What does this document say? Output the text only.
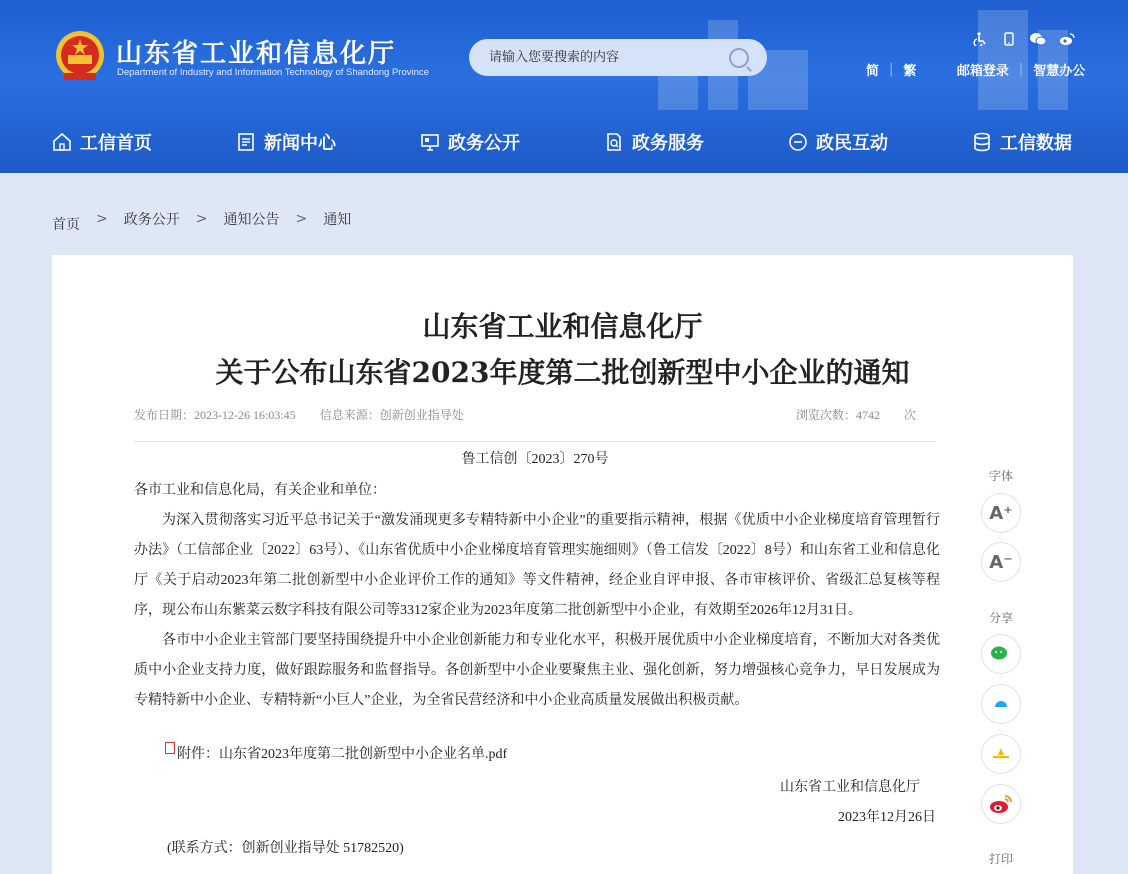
山东省工业和信息化厅
Department of Industry and Information Technology of Shandong Province
请输入您要搜索的内容	简 | 繁	邮箱登录 | 智慧办公
工信首页	新闻中心	政务公开	政务服务	政民互动	工信数据
首页 > 政务公开 > 通知公告 > 通知
山东省工业和信息化厅
关于公布山东省2023年度第二批创新型中小企业的通知
发布日期：2023-12-26 16:03:45 信息来源：创新创业指导处	浏览次数：4742 次
鲁工信创〔2023〕270号

各市工业和信息化局，有关企业和单位：

为深入贯彻落实习近平总书记关于“激发涌现更多专精特新中小企业”的重要指示精神，根据《优质中小企业梯度培育管理暂行办法》（工信部企业〔2022〕63号）、《山东省优质中小企业梯度培育管理实施细则》（鲁工信发〔2022〕8号）和山东省工业和信息化厅《关于启动2023年第二批创新型中小企业评价工作的通知》等文件精神，经企业自评申报、各市审核评价、省级汇总复核等程序，现公布山东紫菜云数字科技有限公司等3312家企业为2023年度第二批创新型中小企业，有效期至2026年12月31日。

各市中小企业主管部门要坚持围绕提升中小企业创新能力和专业化水平，积极开展优质中小企业梯度培育，不断加大对各类优质中小企业支持力度，做好跟踪服务和监督指导。各创新型中小企业要聚焦主业、强化创新，努力增强核心竞争力，早日发展成为专精特新中小企业、专精特新“小巨人”企业，为全省民营经济和中小企业高质量发展做出积极贡献。

附件：山东省2023年度第二批创新型中小企业名单.pdf
山东省工业和信息化厅
2023年12月26日
(联系方式：创新创业指导处 51782520)
字体
A⁺
A⁻
分享
打印
